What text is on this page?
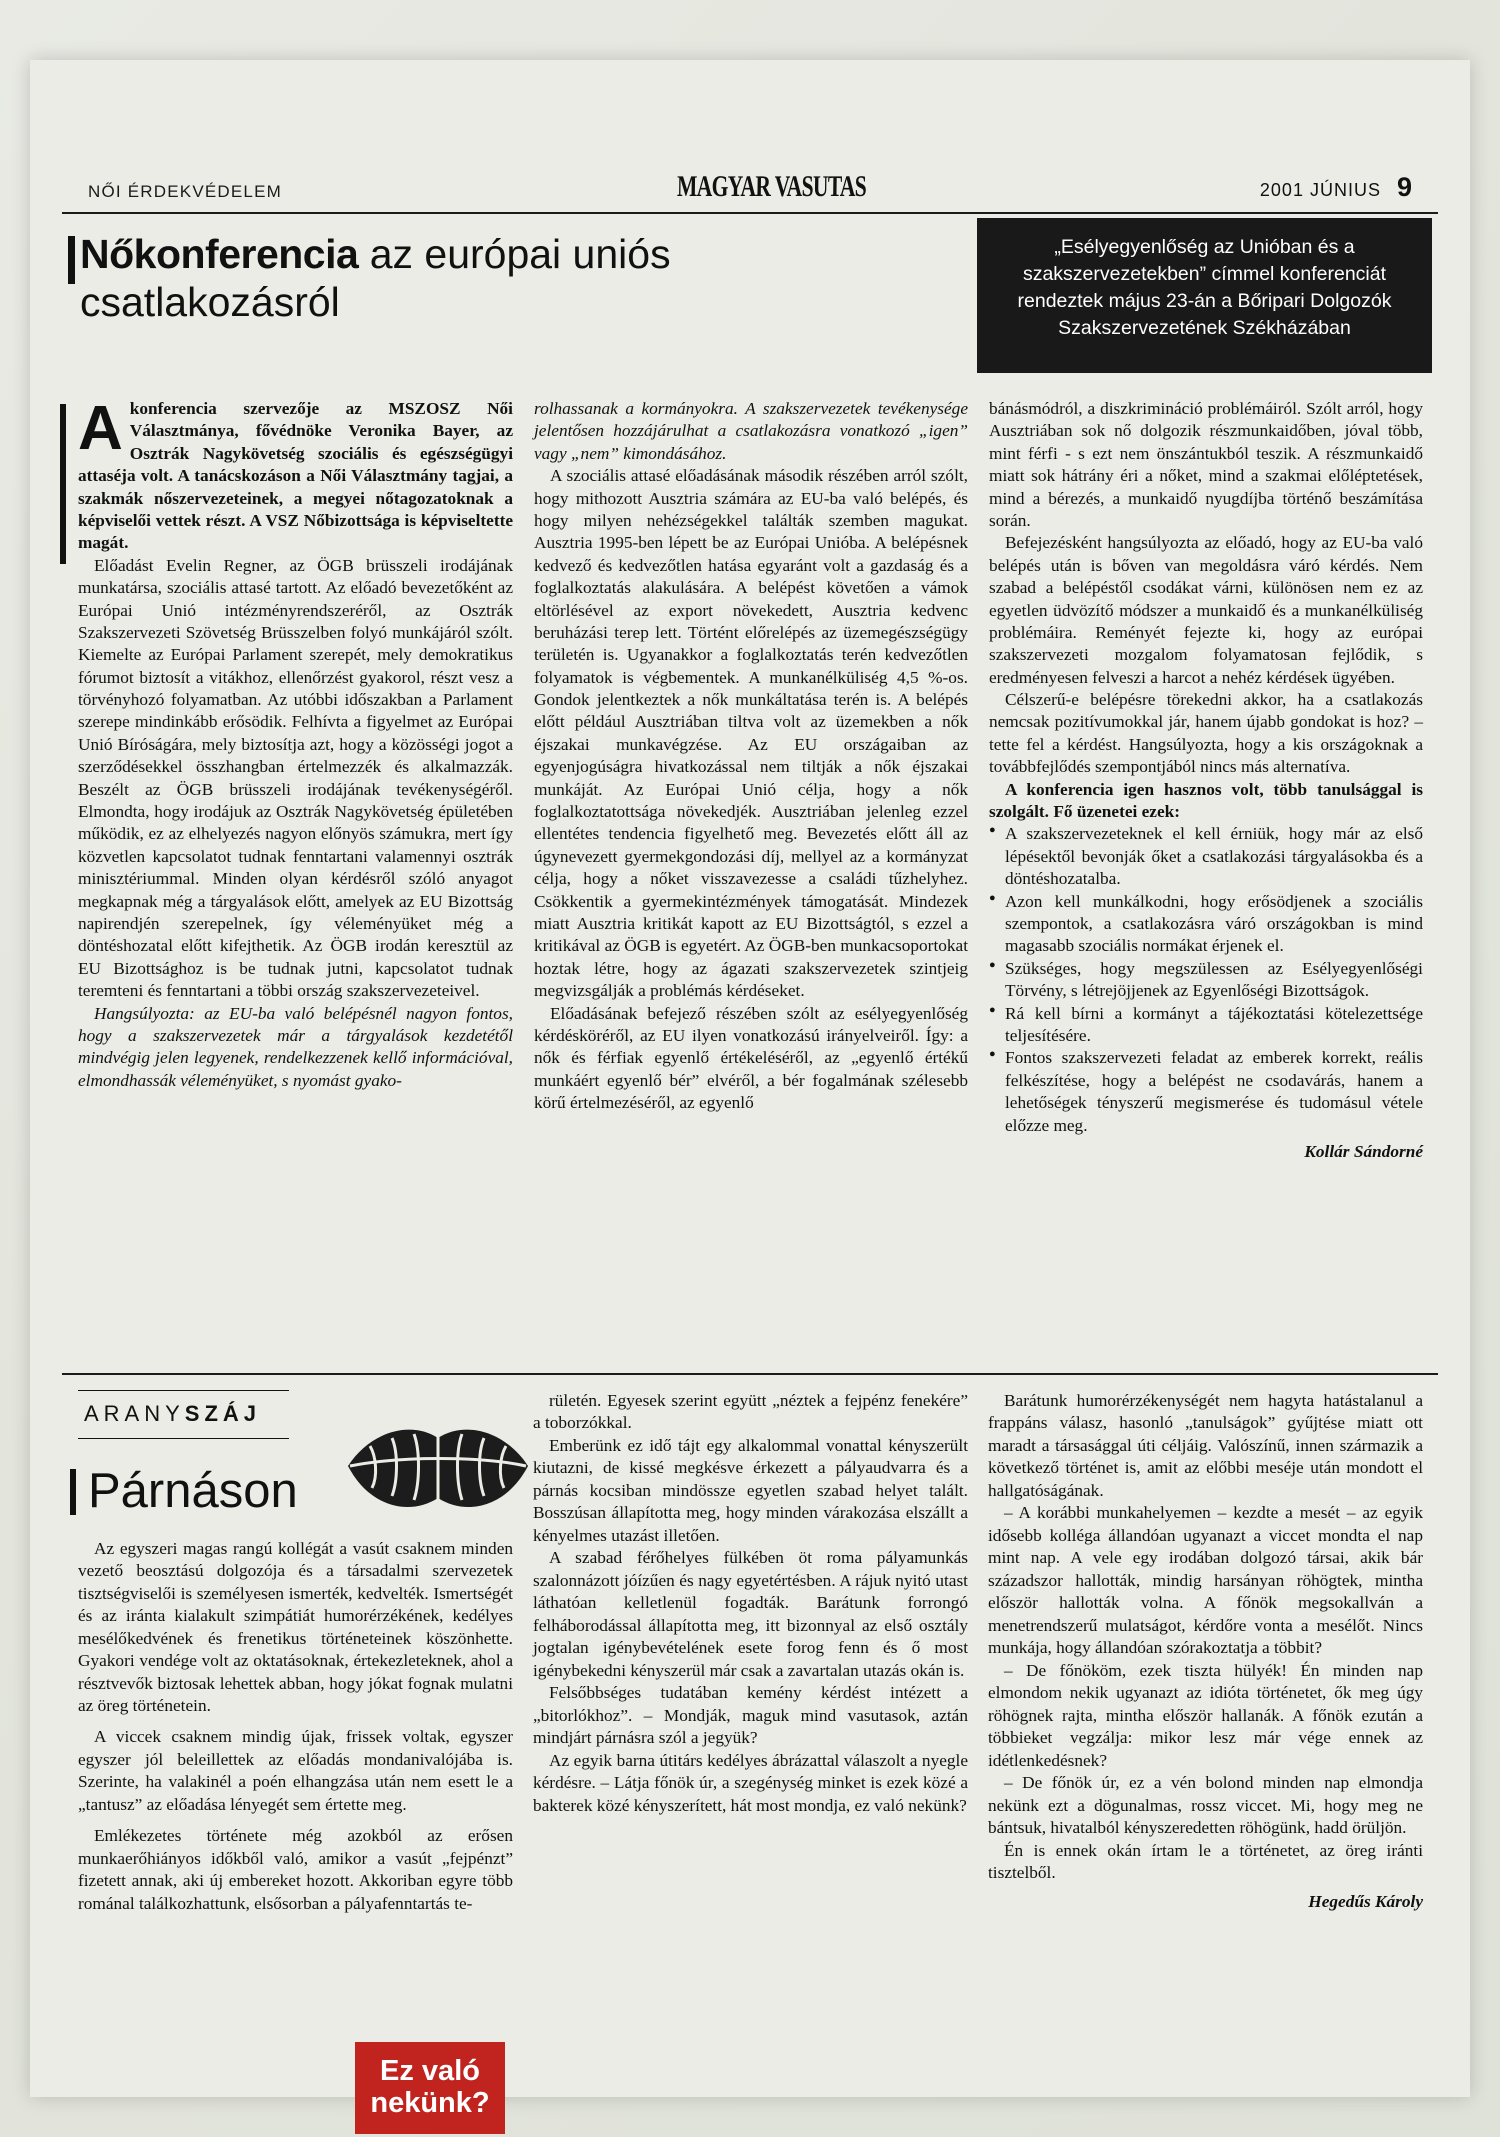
NŐI ÉRDEKVÉDELEM	MAGYAR VASUTAS	2001 JÚNIUS 9
Nőkonferencia az európai uniós csatlakozásról
„Esélyegyenlőség az Unióban és a szakszervezetekben” címmel konferenciát rendeztek május 23-án a Bőripari Dolgozók Szakszervezetének Székházában

Akonferencia szervezője az MSZOSZ Női Választmánya, fővédnöke Veronika Bayer, az Osztrák Nagykövetség szociális és egészségügyi attaséja volt. A tanácskozáson a Női Választmány tagjai, a szakmák nőszervezeteinek, a megyei nőtagozatoknak a képviselői vettek részt. A VSZ Nőbizottsága is képviseltette magát.

Előadást Evelin Regner, az ÖGB brüsszeli irodájának munkatársa, szociális attasé tartott. Az előadó bevezetőként az Európai Unió intézményrendszeréről, az Osztrák Szakszervezeti Szövetség Brüsszelben folyó munkájáról szólt. Kiemelte az Európai Parlament szerepét, mely demokratikus fórumot biztosít a vitákhoz, ellenőrzést gyakorol, részt vesz a törvényhozó folyamatban. Az utóbbi időszakban a Parlament szerepe mindinkább erősödik. Felhívta a figyelmet az Európai Unió Bíróságára, mely biztosítja azt, hogy a közösségi jogot a szerződésekkel összhangban értelmezzék és alkalmazzák. Beszélt az ÖGB brüsszeli irodájának tevékenységéről. Elmondta, hogy irodájuk az Osztrák Nagykövetség épületében működik, ez az elhelyezés nagyon előnyös számukra, mert így közvetlen kapcsolatot tudnak fenntartani valamennyi osztrák minisztériummal. Minden olyan kérdésről szóló anyagot megkapnak még a tárgyalások előtt, amelyek az EU Bizottság napirendjén szerepelnek, így véleményüket még a döntéshozatal előtt kifejthetik. Az ÖGB irodán keresztül az EU Bizottsághoz is be tudnak jutni, kapcsolatot tudnak teremteni és fenntartani a többi ország szakszervezeteivel.

Hangsúlyozta: az EU-ba való belépésnél nagyon fontos, hogy a szakszervezetek már a tárgyalások kezdetétől mindvégig jelen legyenek, rendelkezzenek kellő információval, elmondhassák véleményüket, s nyomást gyako-

rolhassanak a kormányokra. A szakszervezetek tevékenysége jelentősen hozzájárulhat a csatlakozásra vonatkozó „igen” vagy „nem” kimondásához.

A szociális attasé előadásának második részében arról szólt, hogy mithozott Ausztria számára az EU-ba való belépés, és hogy milyen nehézségekkel találták szemben magukat. Ausztria 1995-ben lépett be az Európai Unióba. A belépésnek kedvező és kedvezőtlen hatása egyaránt volt a gazdaság és a foglalkoztatás alakulására. A belépést követően a vámok eltörlésével az export növekedett, Ausztria kedvenc beruházási terep lett. Történt előrelépés az üzemegészségügy területén is. Ugyanakkor a foglalkoztatás terén kedvezőtlen folyamatok is végbementek. A munkanélküliség 4,5 %-os. Gondok jelentkeztek a nők munkáltatása terén is. A belépés előtt például Ausztriában tiltva volt az üzemekben a nők éjszakai munkavégzése. Az EU országaiban az egyenjogúságra hivatkozással nem tiltják a nők éjszakai munkáját. Az Európai Unió célja, hogy a nők foglalkoztatottsága növekedjék. Ausztriában jelenleg ezzel ellentétes tendencia figyelhető meg. Bevezetés előtt áll az úgynevezett gyermekgondozási díj, mellyel az a kormányzat célja, hogy a nőket visszavezesse a családi tűzhelyhez. Csökkentik a gyermekintézmények támogatását. Mindezek miatt Ausztria kritikát kapott az EU Bizottságtól, s ezzel a kritikával az ÖGB is egyetért. Az ÖGB-ben munkacsoportokat hoztak létre, hogy az ágazati szakszervezetek szintjeig megvizsgálják a problémás kérdéseket.

Előadásának befejező részében szólt az esélyegyenlőség kérdésköréről, az EU ilyen vonatkozású irányelveiről. Így: a nők és férfiak egyenlő értékeléséről, az „egyenlő értékű munkáért egyenlő bér” elvéről, a bér fogalmának szélesebb körű értelmezéséről, az egyenlő

bánásmódról, a diszkrimináció problémáiról. Szólt arról, hogy Ausztriában sok nő dolgozik részmunkaidőben, jóval több, mint férfi - s ezt nem önszántukból teszik. A részmunkaidő miatt sok hátrány éri a nőket, mind a szakmai előléptetések, mind a bérezés, a munkaidő nyugdíjba történő beszámítása során.

Befejezésként hangsúlyozta az előadó, hogy az EU-ba való belépés után is bőven van megoldásra váró kérdés. Nem szabad a belépéstől csodákat várni, különösen nem ez az egyetlen üdvözítő módszer a munkaidő és a munkanélküliség problémáira. Reményét fejezte ki, hogy az európai szakszervezeti mozgalom folyamatosan fejlődik, s eredményesen felveszi a harcot a nehéz kérdések ügyében.

Célszerű-e belépésre törekedni akkor, ha a csatlakozás nemcsak pozitívumokkal jár, hanem újabb gondokat is hoz? – tette fel a kérdést. Hangsúlyozta, hogy a kis országoknak a továbbfejlődés szempontjából nincs más alternatíva.

A konferencia igen hasznos volt, több tanulsággal is szolgált. Fő üzenetei ezek:

● A szakszervezeteknek el kell érniük, hogy már az első lépésektől bevonják őket a csatlakozási tárgyalásokba és a döntéshozatalba.

● Azon kell munkálkodni, hogy erősödjenek a szociális szempontok, a csatlakozásra váró országokban is mind magasabb szociális normákat érjenek el.

● Szükséges, hogy megszülessen az Esélyegyenlőségi Törvény, s létrejöjjenek az Egyenlőségi Bizottságok.

● Rá kell bírni a kormányt a tájékoztatási kötelezettsége teljesítésére.

● Fontos szakszervezeti feladat az emberek korrekt, reális felkészítése, hogy a belépést ne csodavárás, hanem a lehetőségek tényszerű megismerése és tudomásul vétele előzze meg.

Kollár Sándorné

ARANYSZÁJ
Párnáson

Az egyszeri magas rangú kollégát a vasút csaknem minden vezető beosztású dolgozója és a társadalmi szervezetek tisztségviselői is személyesen ismerték, kedvelték. Ismertségét és az iránta kialakult szimpátiát humorérzékének, kedélyes mesélőkedvének és frenetikus történeteinek köszönhette. Gyakori vendége volt az oktatásoknak, értekezleteknek, ahol a résztvevők biztosak lehettek abban, hogy jókat fognak mulatni az öreg történetein.

A viccek csaknem mindig újak, frissek voltak, egyszer egyszer jól beleillettek az előadás mondanivalójába is. Szerinte, ha valakinél a poén elhangzása után nem esett le a „tantusz” az előadása lényegét sem értette meg.

Emlékezetes története még azokból az erősen munkaerőhiányos időkből való, amikor a vasút „fejpénzt” fizetett annak, aki új embereket hozott. Akkoriban egyre több románal találkozhattunk, elsősorban a pályafenntartás te-

rületén. Egyesek szerint együtt „néztek a fejpénz fenekére” a toborzókkal.

Emberünk ez idő tájt egy alkalommal vonattal kényszerült kiutazni, de kissé megkésve érkezett a pályaudvarra és a párnás kocsiban mindössze egyetlen szabad helyet talált. Bosszúsan állapította meg, hogy minden várakozása elszállt a kényelmes utazást illetően.

A szabad férőhelyes fülkében öt roma pályamunkás szalonnázott jóízűen és nagy egyetértésben. A rájuk nyitó utast láthatóan kelletlenül fogadták. Barátunk forrongó felháborodással állapította meg, itt bizonnyal az első osztály jogtalan igénybevételének esete forog fenn és ő most igénybekedni kényszerül már csak a zavartalan utazás okán is.

Felsőbbséges tudatában kemény kérdést intézett a „bitorlókhoz”. – Mondják, maguk mind vasutasok, aztán mindjárt párnásra szól a jegyük?

Az egyik barna útitárs kedélyes ábrázattal válaszolt a nyegle kérdésre. – Látja főnök úr, a szegénység minket is ezek közé a bakterek közé kényszerített, hát most mondja, ez való nekünk?

Barátunk humorérzékenységét nem hagyta hatástalanul a frappáns válasz, hasonló „tanulságok” gyűjtése miatt ott maradt a társasággal úti céljáig. Valószínű, innen származik a következő történet is, amit az előbbi meséje után mondott el hallgatóságának.

– A korábbi munkahelyemen – kezdte a mesét – az egyik idősebb kolléga állandóan ugyanazt a viccet mondta el nap mint nap. A vele egy irodában dolgozó társai, akik bár századszor hallották, mindig harsányan röhögtek, mintha először hallották volna. A főnök megsokallván a menetrendszerű mulatságot, kérdőre vonta a mesélőt. Nincs munkája, hogy állandóan szórakoztatja a többit?

– De főnököm, ezek tiszta hülyék! Én minden nap elmondom nekik ugyanazt az idióta történetet, ők meg úgy röhögnek rajta, mintha először hallanák. A főnök ezután a többieket vegzálja: mikor lesz már vége ennek az idétlenkedésnek?

– De főnök úr, ez a vén bolond minden nap elmondja nekünk ezt a dögunalmas, rossz viccet. Mi, hogy meg ne bántsuk, hivatalból kényszeredetten röhögünk, hadd örüljön.

Én is ennek okán írtam le a történetet, az öreg iránti tisztelből.

Hegedűs Károly

Ez való nekünk?
